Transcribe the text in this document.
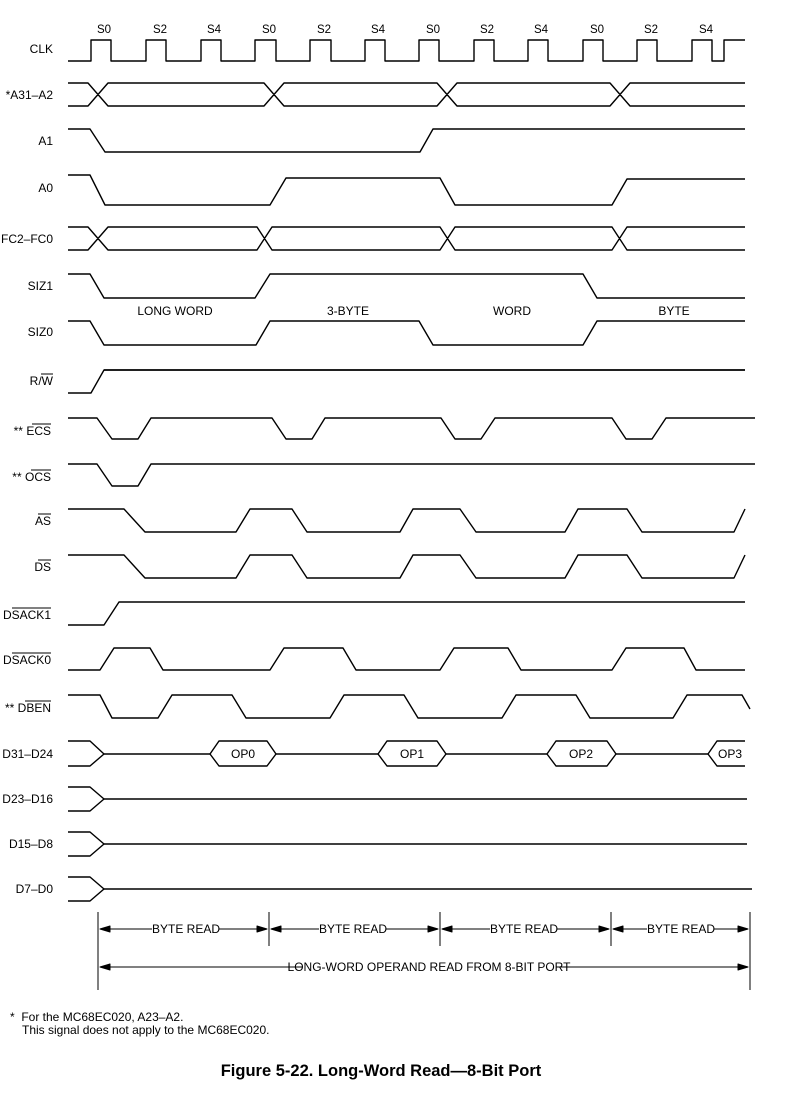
S0	S2	S4	S0	S2	S4	S0	S2	S4	S0	S2	S4
CLK
*A31–A2
A1
A0
FC2–FC0
SIZ1
SIZ0
R/W
** ECS
** OCS
AS
DS
DSACK1
DSACK0
** DBEN
D31–D24
D23–D16
D15–D8
D7–D0
LONG WORD	3-BYTE	WORD	BYTE
OP0	OP1	OP2	OP3
BYTE READ	BYTE READ	BYTE READ	BYTE READ
LONG-WORD OPERAND READ FROM 8-BIT PORT
* For the MC68EC020, A23–A2.
This signal does not apply to the MC68EC020.
Figure 5-22. Long-Word Read—8-Bit Port
